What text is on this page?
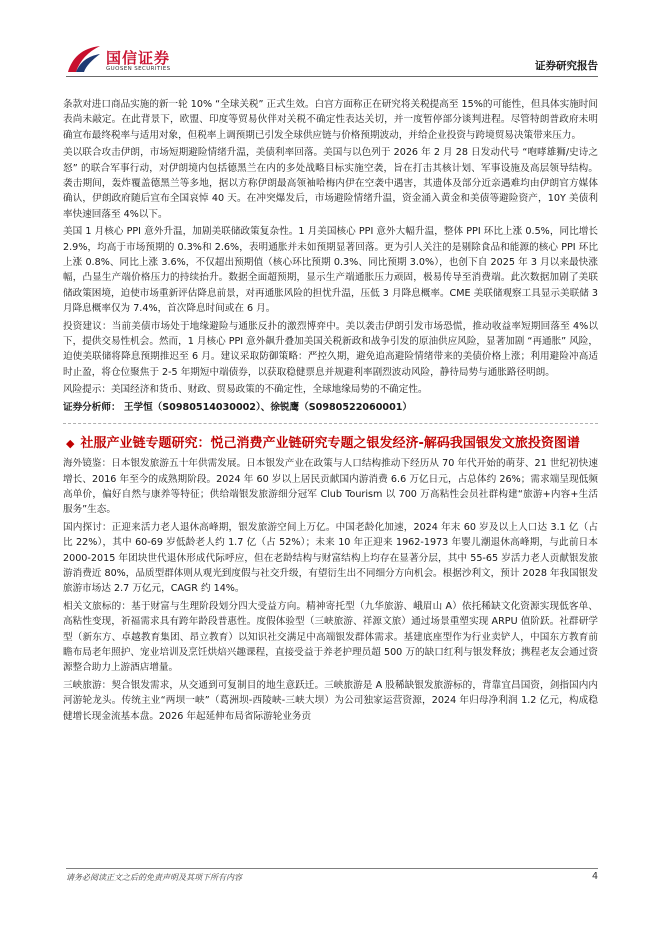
国信证券
GUOSEN SECURITIES	证券研究报告

条款对进口商品实施的新一轮 10% “全球关税” 正式生效。白宫方面称正在研究将关税提高至 15%的可能性，但具体实施时间表尚未敲定。在此背景下，欧盟、印度等贸易伙伴对关税不确定性表达关切，并一度暂停部分谈判进程。尽管特朗普政府未明确宣布最终税率与适用对象，但税率上调预期已引发全球供应链与价格预期波动，并给企业投资与跨境贸易决策带来压力。

美以联合攻击伊朗，市场短期避险情绪升温，美债利率回落。美国与以色列于 2026 年 2 月 28 日发动代号 “咆哮雄狮/史诗之怒” 的联合军事行动，对伊朗境内包括德黑兰在内的多处战略目标实施空袭，旨在打击其核计划、军事设施及高层领导结构。袭击期间，轰炸覆盖德黑兰等多地，据以方称伊朗最高领袖哈梅内伊在空袭中遇害，其遗体及部分近亲遇难均由伊朗官方媒体确认，伊朗政府随后宣布全国哀悼 40 天。在冲突爆发后，市场避险情绪升温，资金涌入黄金和美债等避险资产，10Y 美债利率快速回落至 4%以下。

美国 1 月核心 PPI 意外升温，加剧美联储政策复杂性。1 月美国核心 PPI 意外大幅升温，整体 PPI 环比上涨 0.5%，同比增长 2.9%，均高于市场预期的 0.3%和 2.6%，表明通胀并未如预期显著回落。更为引人关注的是剔除食品和能源的核心 PPI 环比上涨 0.8%、同比上涨 3.6%，不仅超出预期值（核心环比预期 0.3%、同比预期 3.0%），也创下自 2025 年 3 月以来最快涨幅，凸显生产端价格压力的持续抬升。数据全面超预期，显示生产端通胀压力顽固，极易传导至消费端。此次数据加剧了美联储政策困境，迫使市场重新评估降息前景，对再通胀风险的担忧升温，压低 3 月降息概率。CME 美联储观察工具显示美联储 3 月降息概率仅为 7.4%，首次降息时间或在 6 月。

投资建议：当前美债市场处于地缘避险与通胀反扑的激烈博弈中。美以袭击伊朗引发市场恐慌，推动收益率短期回落至 4%以下，提供交易性机会。然而，1 月核心 PPI 意外飙升叠加美国关税新政和战争引发的原油供应风险，显著加剧 “再通胀” 风险，迫使美联储将降息预期推迟至 6 月。建议采取防御策略：严控久期，避免追高避险情绪带来的美债价格上涨；利用避险冲高适时止盈，将仓位聚焦于 2-5 年期短中端债券，以获取稳健票息并规避利率剧烈波动风险，静待局势与通胀路径明朗。

风险提示：美国经济和货币、财政、贸易政策的不确定性，全球地缘局势的不确定性。

证券分析师： 王学恒（S0980514030002）、徐锐鹰（S0980522060001）

◆ 社服产业链专题研究：悦己消费产业链研究专题之银发经济-解码我国银发文旅投资图谱

海外镜鉴：日本银发旅游五十年供需发展。日本银发产业在政策与人口结构推动下经历从 70 年代开始的萌芽、21 世纪初快速增长、2016 年至今的成熟期阶段。2024 年 60 岁以上居民贡献国内游消费 6.6 万亿日元，占总体约 26%；需求端呈现低频高单价，偏好自然与康养等特征；供给端银发旅游细分冠军 Club Tourism 以 700 万高粘性会员社群构建“旅游+内容+生活服务”生态。

国内探讨：正迎来活力老人退休高峰期，银发旅游空间上万亿。中国老龄化加速，2024 年末 60 岁及以上人口达 3.1 亿（占比 22%），其中 60-69 岁低龄老人约 1.7 亿（占 52%）；未来 10 年正迎来 1962-1973 年婴儿潮退休高峰期，与此前日本 2000-2015 年团块世代退休形成代际呼应，但在老龄结构与财富结构上均存在显著分层，其中 55-65 岁活力老人贡献银发旅游消费近 80%，品质型群体则从观光到度假与社交升级，有望衍生出不同细分方向机会。根据沙利文，预计 2028 年我国银发旅游市场达 2.7 万亿元，CAGR 约 14%。

相关文旅标的：基于财富与生理阶段划分四大受益方向。精神寄托型（九华旅游、峨眉山 A）依托稀缺文化资源实现低客单、高粘性变现，祈福需求具有跨年龄段普惠性。度假体验型（三峡旅游、祥源文旅）通过场景重塑实现 ARPU 值阶跃。社群研学型（新东方、卓越教育集团、昂立教育）以知识社交满足中高端银发群体需求。基建底座型作为行业卖铲人，中国东方教育前瞻布局老年照护、宠业培训及烹饪烘焙兴趣课程，直接受益于养老护理员超 500 万的缺口红利与银发释放；携程老友会通过资源整合助力上游酒店增量。

三峡旅游：契合银发需求，从交通到可复制目的地生意跃迁。三峡旅游是 A 股稀缺银发旅游标的，背靠宜昌国资，剑指国内内河游轮龙头。传统主业“两坝一峡”（葛洲坝-西陵峡-三峡大坝）为公司独家运营资源，2024 年归母净利润 1.2 亿元，构成稳健增长现金流基本盘。2026 年起延伸布局省际游轮业务贡

请务必阅读正文之后的免责声明及其项下所有内容	4
